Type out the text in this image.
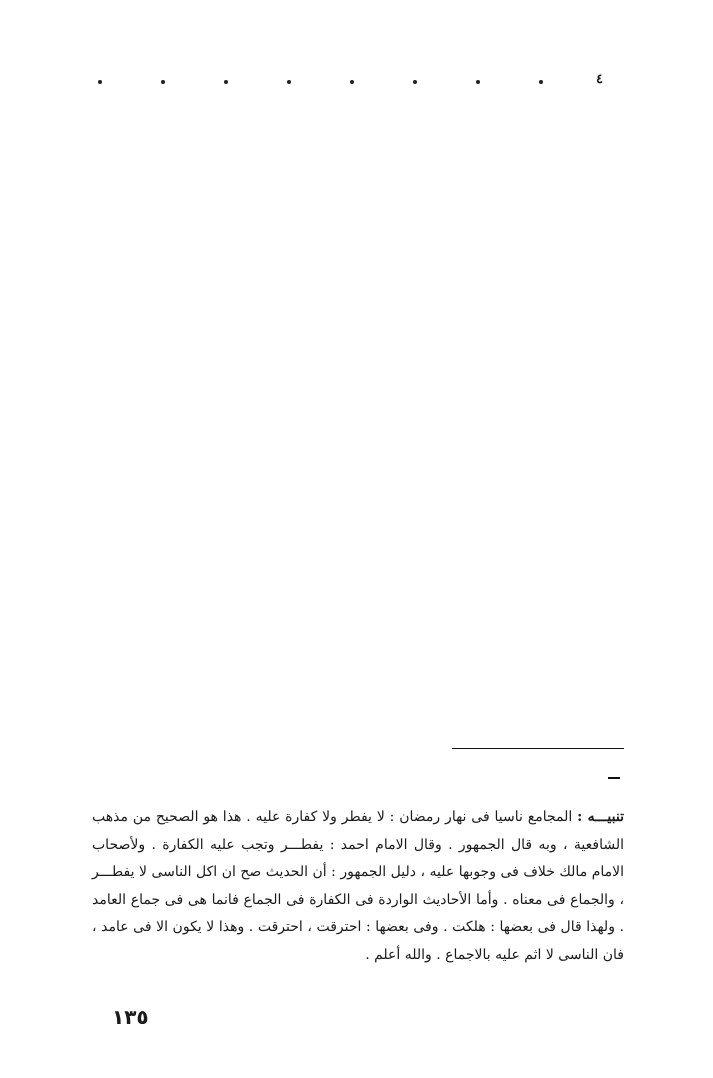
٤

تنبيـــه : المجامع ناسيا فى نهار رمضان : لا يفطر ولا كفارة عليه . هذا هو الصحيح من مذهب الشافعية ، وبه قال الجمهور . وقال الامام احمد : يفطـــر وتجب عليه الكفارة . ولأصحاب الامام مالك خلاف فى وجوبها عليه ، دليل الجمهور : أن الحديث صح ان اكل الناسى لا يفطـــر ، والجماع فى معناه . وأما الأحاديث الواردة فى الكفارة فى الجماع فانما هى فى جماع العامد . ولهذا قال فى بعضها : هلكت . وفى بعضها : احترقت ، احترقت . وهذا لا يكون الا فى عامد ، فان الناسى لا اثم عليه بالاجماع . والله أعلم .

١٣٥
